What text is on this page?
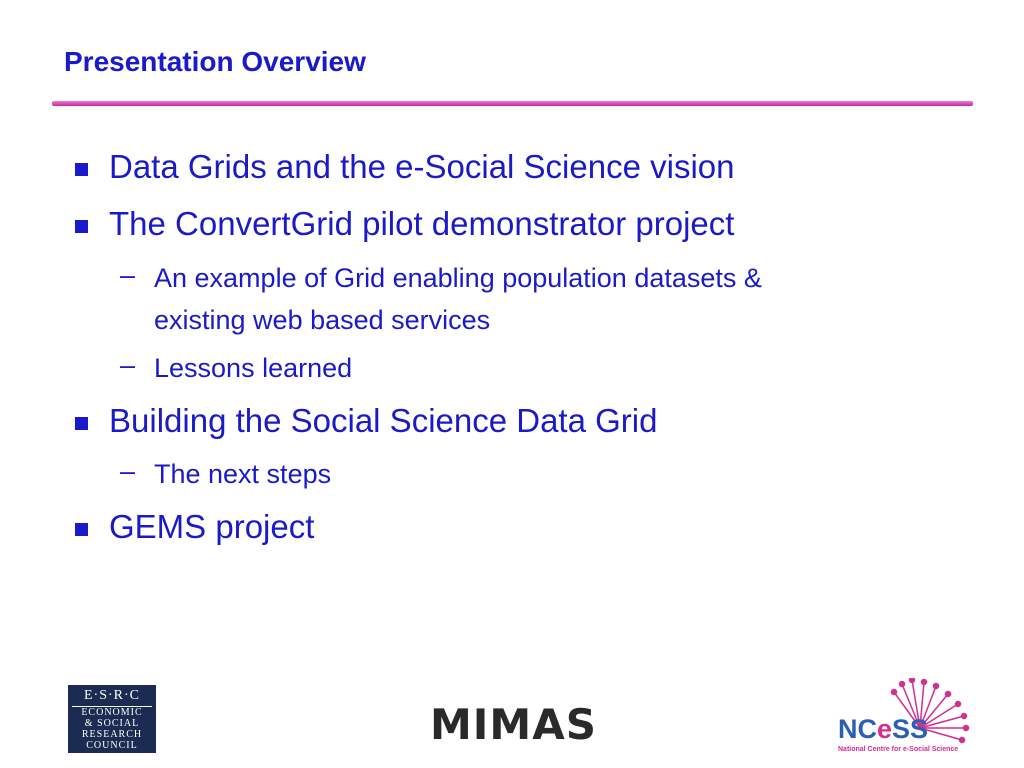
Presentation Overview
Data Grids and the e-Social Science vision
The ConvertGrid pilot demonstrator project
– An example of Grid enabling population datasets &
existing web based services
– Lessons learned
Building the Social Science Data Grid
– The next steps
GEMS project
E·S·R·C
ECONOMIC
& SOCIAL
RESEARCH
COUNCIL	MIMAS	NCeSS
National Centre for e-Social Science
